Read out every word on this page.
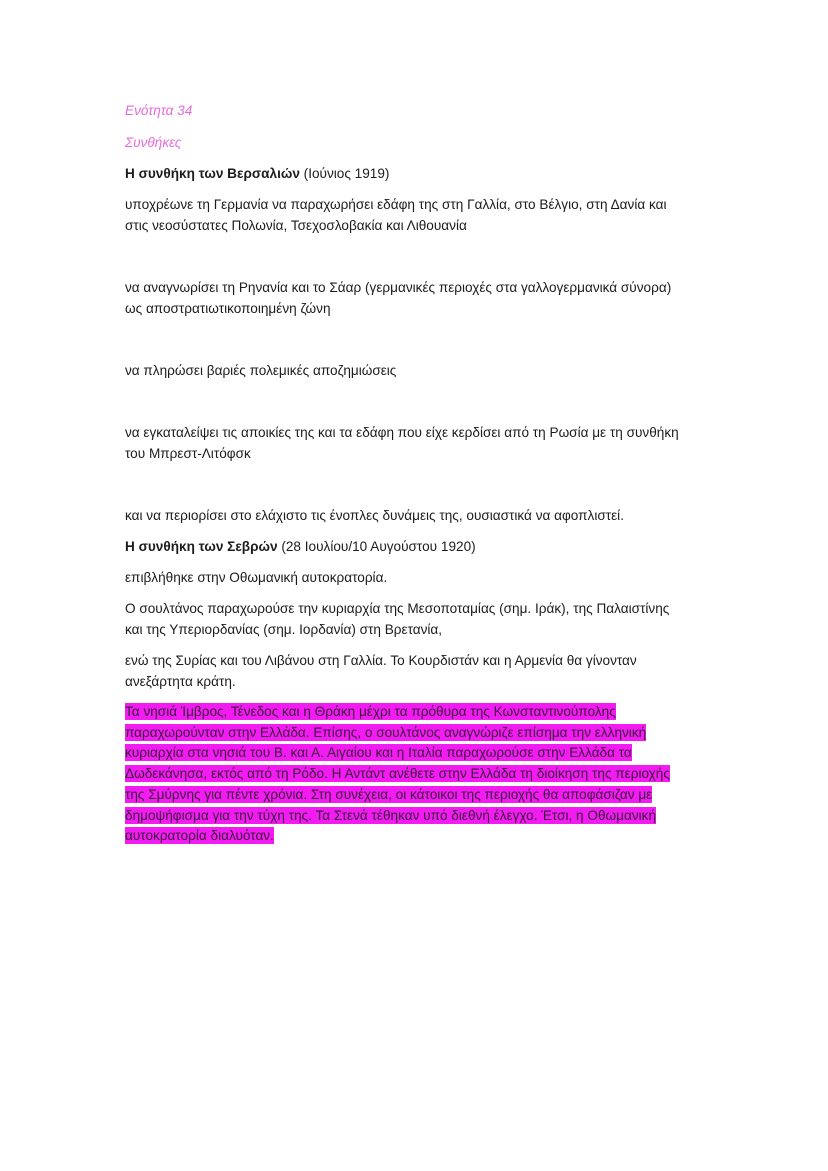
Ενότητα 34

Συνθήκες

Η συνθήκη των Βερσαλιών (Ιούνιος 1919)

υποχρέωνε τη Γερμανία να παραχωρήσει εδάφη της στη Γαλλία, στο Βέλγιο, στη Δανία και στις νεοσύστατες Πολωνία, Τσεχοσλοβακία και Λιθουανία

να αναγνωρίσει τη Ρηνανία και το Σάαρ (γερμανικές περιοχές στα γαλλογερμανικά σύνορα) ως αποστρατιωτικοποιημένη ζώνη

να πληρώσει βαριές πολεμικές αποζημιώσεις

να εγκαταλείψει τις αποικίες της και τα εδάφη που είχε κερδίσει από τη Ρωσία με τη συνθήκη του Μπρεστ-Λιτόφσκ

και να περιορίσει στο ελάχιστο τις ένοπλες δυνάμεις της, ουσιαστικά να αφοπλιστεί.

Η συνθήκη των Σεβρών (28 Ιουλίου/10 Αυγούστου 1920)

επιβλήθηκε στην Οθωμανική αυτοκρατορία.

Ο σουλτάνος παραχωρούσε την κυριαρχία της Μεσοποταμίας (σημ. Ιράκ), της Παλαιστίνης και της Υπεριορδανίας (σημ. Ιορδανία) στη Βρετανία,

ενώ της Συρίας και του Λιβάνου στη Γαλλία. Το Κουρδιστάν και η Αρμενία θα γίνονταν ανεξάρτητα κράτη.

Τα νησιά Ίμβρος, Τένεδος και η Θράκη μέχρι τα πρόθυρα της Κωνσταντινούπολης παραχωρούνταν στην Ελλάδα. Επίσης, ο σουλτάνος αναγνώριζε επίσημα την ελληνική κυριαρχία στα νησιά του Β. και Α. Αιγαίου και η Ιταλία παραχωρούσε στην Ελλάδα τα Δωδεκάνησα, εκτός από τη Ρόδο. Η Αντάντ ανέθετε στην Ελλάδα τη διοίκηση της περιοχής της Σμύρνης για πέντε χρόνια. Στη συνέχεια, οι κάτοικοι της περιοχής θα αποφάσιζαν με δημοψήφισμα για την τύχη της. Τα Στενά τέθηκαν υπό διεθνή έλεγχο. Έτσι, η Οθωμανική αυτοκρατορία διαλυόταν.
